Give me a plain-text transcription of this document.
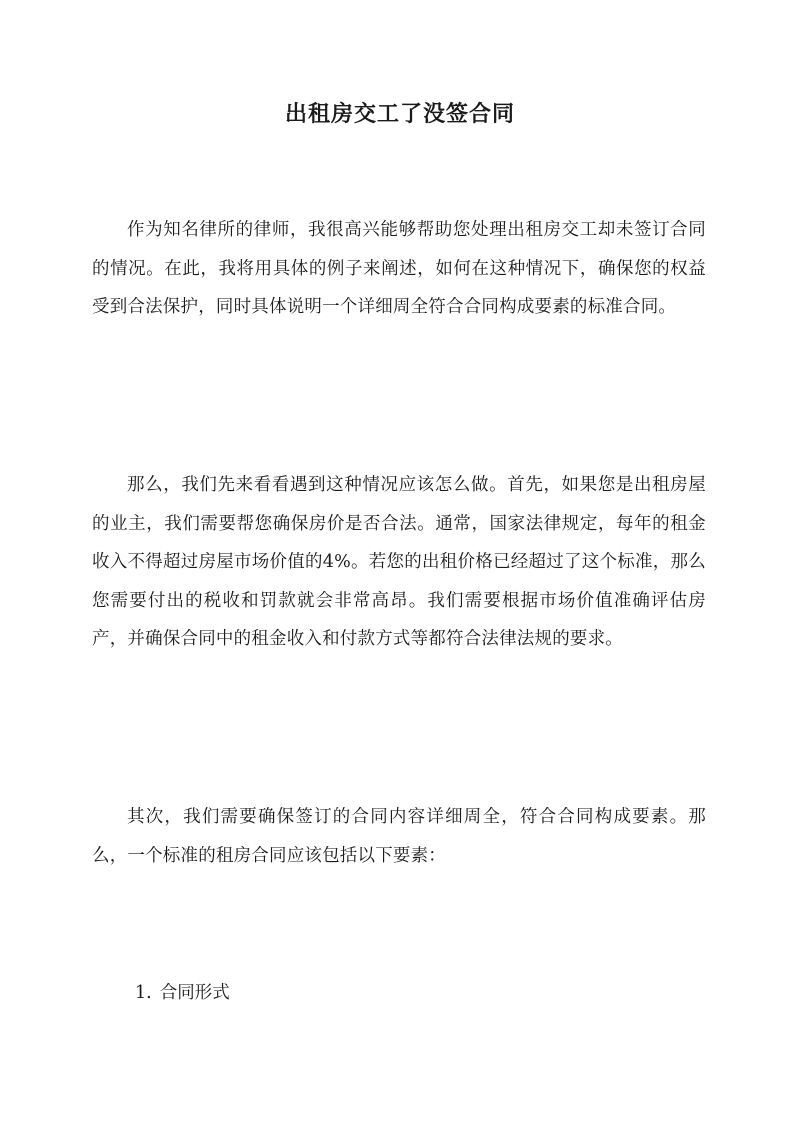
出租房交工了没签合同

作为知名律所的律师，我很高兴能够帮助您处理出租房交工却未签订合同的情况。在此，我将用具体的例子来阐述，如何在这种情况下，确保您的权益受到合法保护，同时具体说明一个详细周全符合合同构成要素的标准合同。

那么，我们先来看看遇到这种情况应该怎么做。首先，如果您是出租房屋的业主，我们需要帮您确保房价是否合法。通常，国家法律规定，每年的租金收入不得超过房屋市场价值的4%。若您的出租价格已经超过了这个标准，那么您需要付出的税收和罚款就会非常高昂。我们需要根据市场价值准确评估房产，并确保合同中的租金收入和付款方式等都符合法律法规的要求。

其次，我们需要确保签订的合同内容详细周全，符合合同构成要素。那么，一个标准的租房合同应该包括以下要素：

1. 合同形式
